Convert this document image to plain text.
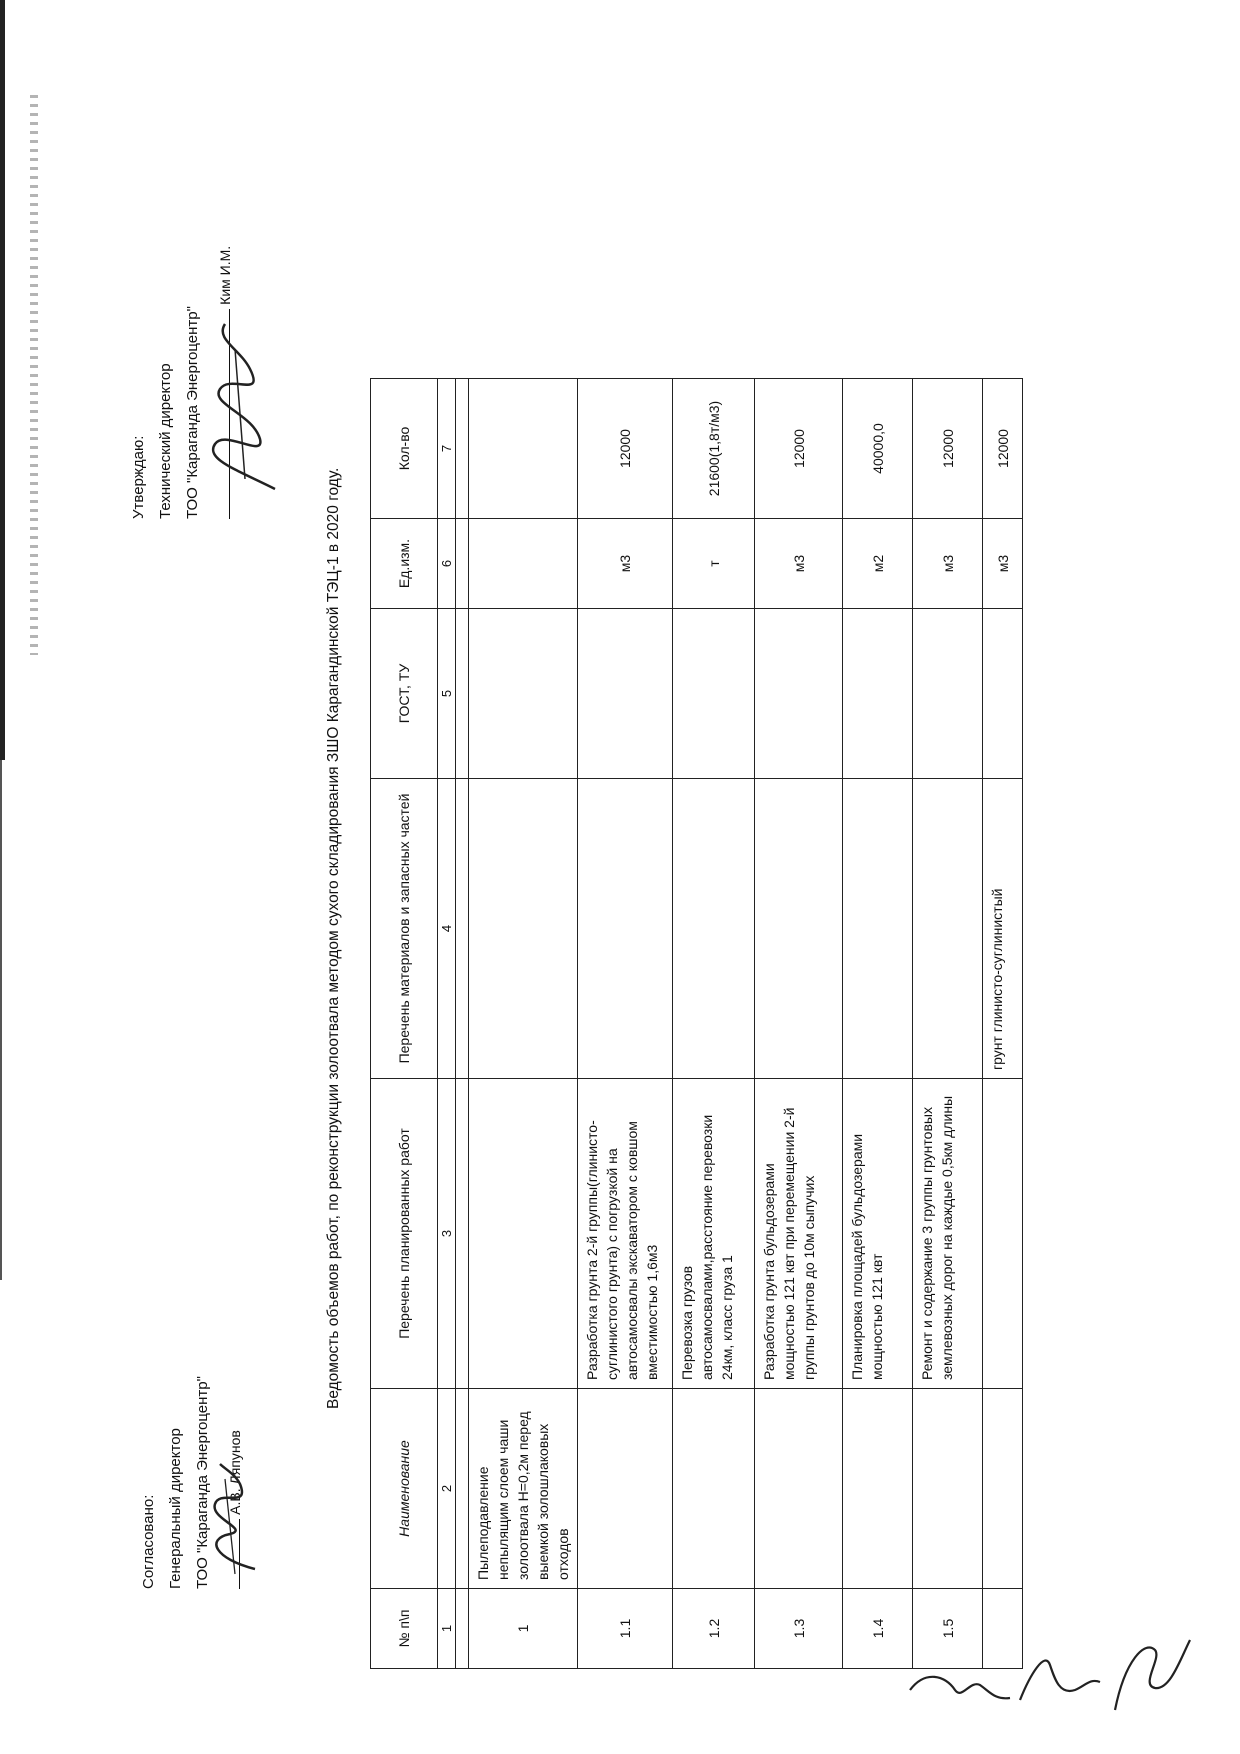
Утверждаю: Технический директор ТОО "Караганда Энергоцентр"
Ким И.М.
Согласовано: Генеральный директор ТОО "Караганда Энергоцентр"	А.В. Ляпунов
Ведомость объемов работ, по реконструкции золоотвала методом сухого складирования ЗШО Карагандинской ТЭЦ-1 в 2020 году.
№ п\п	Наименование	Перечень планированных работ	Перечень материалов и запасных частей	ГОСТ, ТУ	Ед.изм.	Кол-во
1	2	3	4	5	6	7

1	Пылеподавление непылящим слоем чаши золоотвала Н=0,2м перед выемкой золошлаковых отходов					
1.1		Разработка грунта 2-й группы(глинисто-суглинистого грунта) с погрузкой на автосамосвалы экскаватором с ковшом вместимостью 1,6м3			м3	12000
1.2		Перевозка грузов автосамосвалами,расстояние перевозки 24км, класс груза 1			т	21600(1,8т/м3)
1.3		Разработка грунта бульдозерами мощностью 121 квт при перемещении 2-й группы грунтов до 10м сыпучих			м3	12000
1.4		Планировка площадей бульдозерами мощностью 121 квт			м2	40000,0
1.5		Ремонт и содержание 3 группы грунтовых землевозных дорог на каждые 0,5км длины			м3	12000
			грунт глинисто-суглинистый		м3	12000
